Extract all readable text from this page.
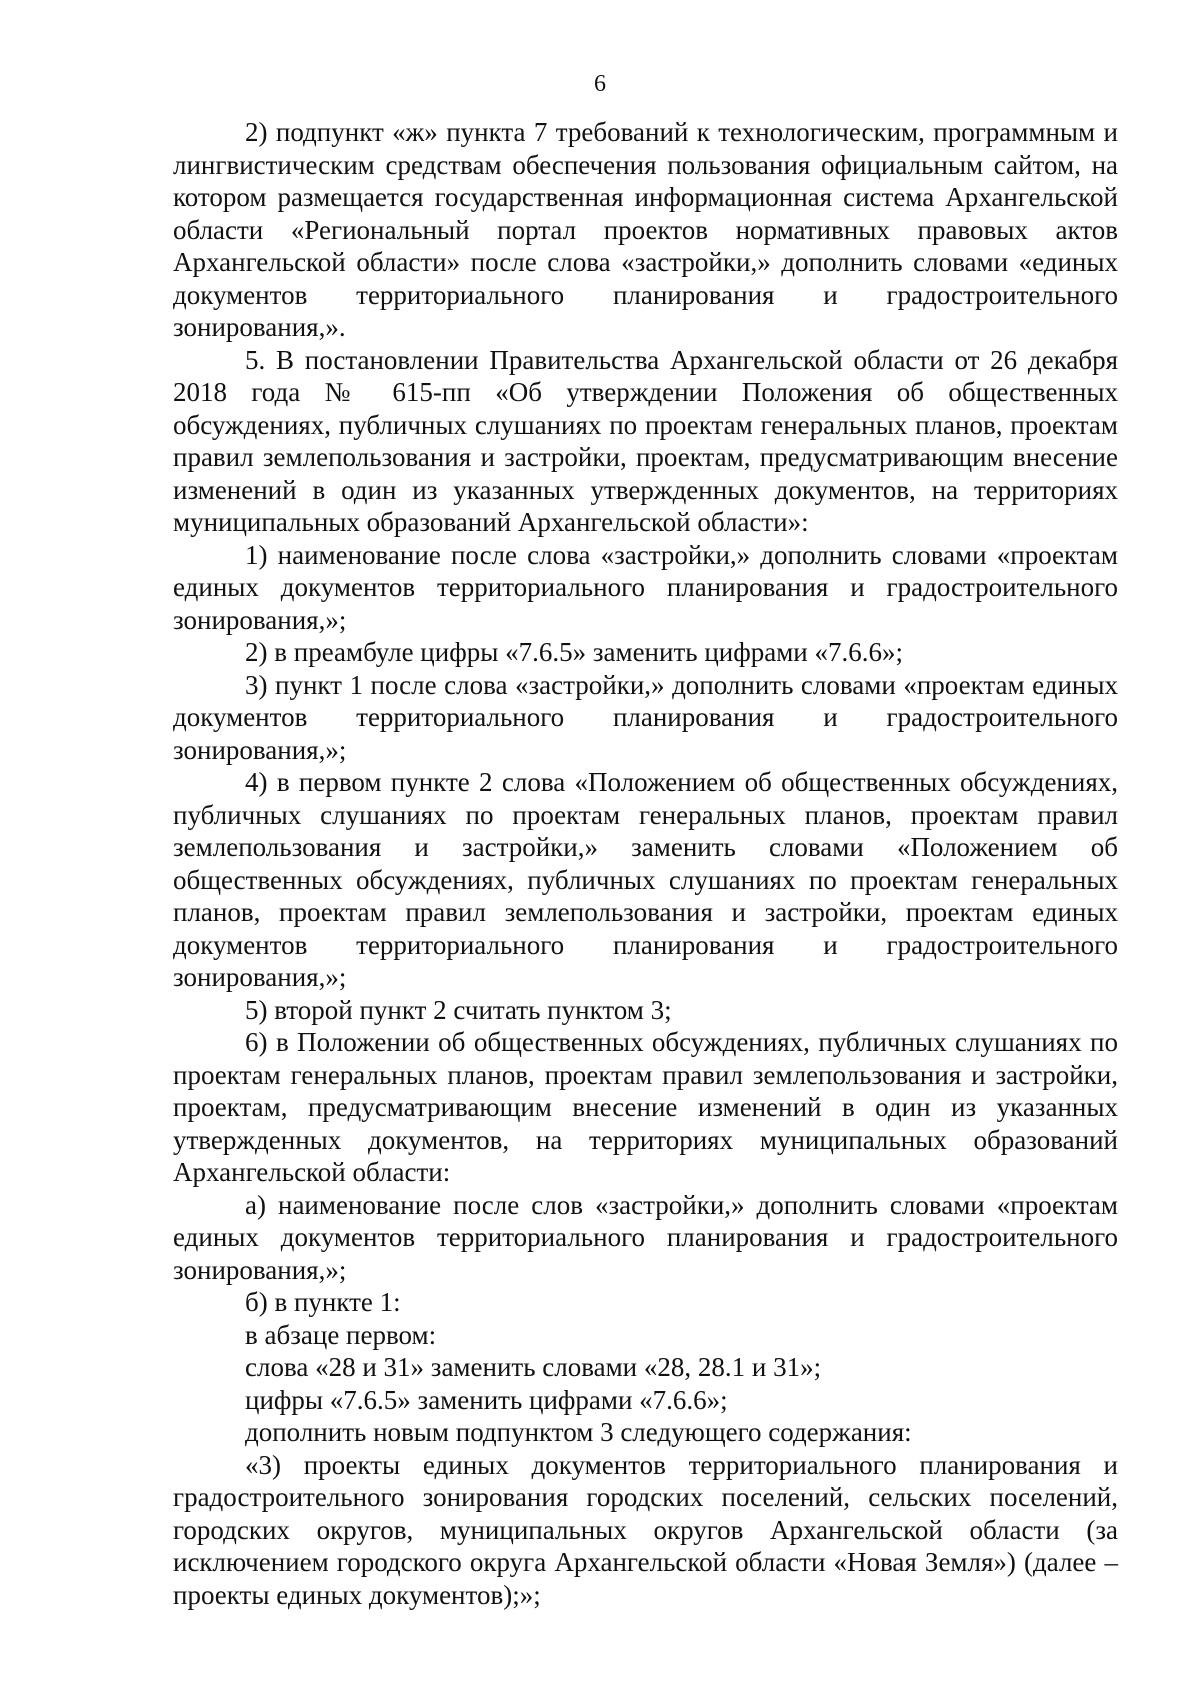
6

2) подпункт «ж» пункта 7 требований к технологическим, программным и лингвистическим средствам обеспечения пользования официальным сайтом, на котором размещается государственная информационная система Архангельской области «Региональный портал проектов нормативных правовых актов Архангельской области» после слова «застройки,» дополнить словами «единых документов территориального планирования и градостроительного зонирования,».

5. В постановлении Правительства Архангельской области от 26 декабря 2018 года № 615-пп «Об утверждении Положения об общественных обсуждениях, публичных слушаниях по проектам генеральных планов, проектам правил землепользования и застройки, проектам, предусматривающим внесение изменений в один из указанных утвержденных документов, на территориях муниципальных образований Архангельской области»:

1) наименование после слова «застройки,» дополнить словами «проектам единых документов территориального планирования и градостроительного зонирования,»;

2) в преамбуле цифры «7.6.5» заменить цифрами «7.6.6»;

3) пункт 1 после слова «застройки,» дополнить словами «проектам единых документов территориального планирования и градостроительного зонирования,»;

4) в первом пункте 2 слова «Положением об общественных обсуждениях, публичных слушаниях по проектам генеральных планов, проектам правил землепользования и застройки,» заменить словами «Положением об общественных обсуждениях, публичных слушаниях по проектам генеральных планов, проектам правил землепользования и застройки, проектам единых документов территориального планирования и градостроительного зонирования,»;

5) второй пункт 2 считать пунктом 3;

6) в Положении об общественных обсуждениях, публичных слушаниях по проектам генеральных планов, проектам правил землепользования и застройки, проектам, предусматривающим внесение изменений в один из указанных утвержденных документов, на территориях муниципальных образований Архангельской области:

а) наименование после слов «застройки,» дополнить словами «проектам единых документов территориального планирования и градостроительного зонирования,»;

б) в пункте 1:

в абзаце первом:

слова «28 и 31» заменить словами «28, 28.1 и 31»;

цифры «7.6.5» заменить цифрами «7.6.6»;

дополнить новым подпунктом 3 следующего содержания:

«3) проекты единых документов территориального планирования и градостроительного зонирования городских поселений, сельских поселений, городских округов, муниципальных округов Архангельской области (за исключением городского округа Архангельской области «Новая Земля») (далее – проекты единых документов);»;
